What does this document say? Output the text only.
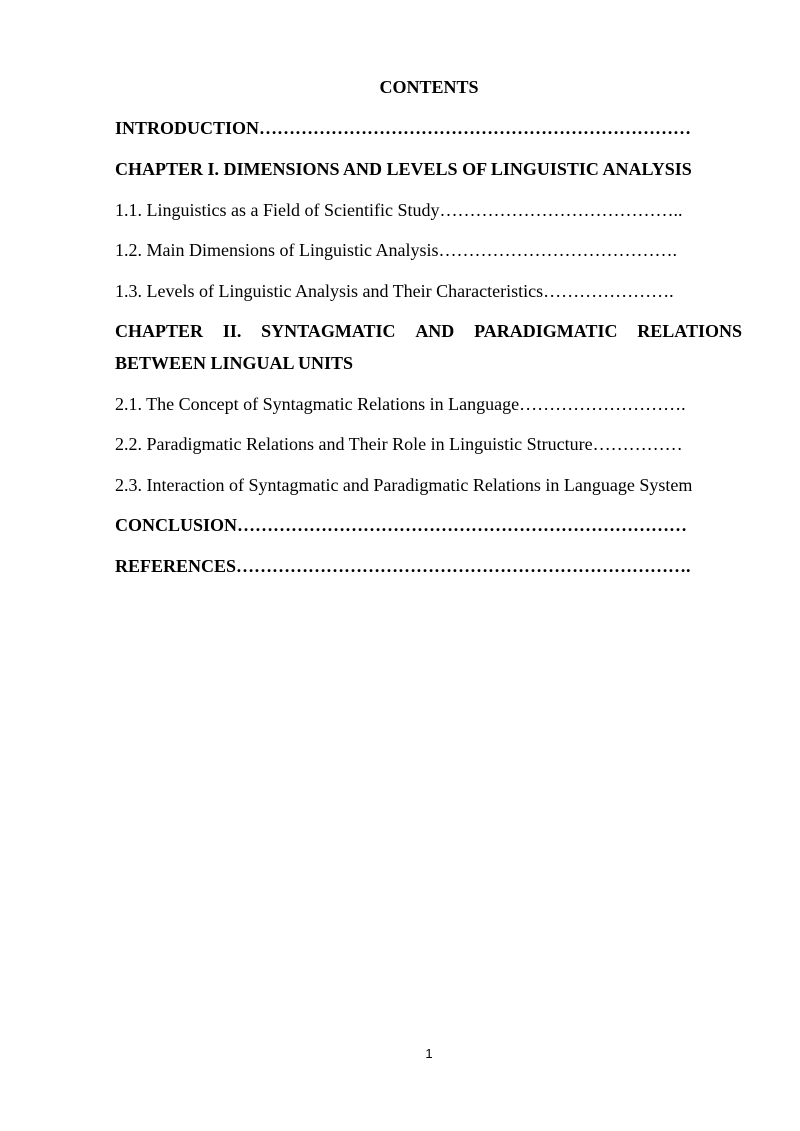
CONTENTS
INTRODUCTION………………………………………………………………
CHAPTER I. DIMENSIONS AND LEVELS OF LINGUISTIC ANALYSIS
1.1. Linguistics as a Field of Scientific Study…………………………………..
1.2. Main Dimensions of Linguistic Analysis………………………………….
1.3. Levels of Linguistic Analysis and Their Characteristics………………….
CHAPTER II. SYNTAGMATIC AND PARADIGMATIC RELATIONS
BETWEEN LINGUAL UNITS
2.1. The Concept of Syntagmatic Relations in Language……………………….
2.2. Paradigmatic Relations and Their Role in Linguistic Structure……………
2.3. Interaction of Syntagmatic and Paradigmatic Relations in Language System
CONCLUSION…………………………………………………………………
REFERENCES………………………………………………………………….
1
